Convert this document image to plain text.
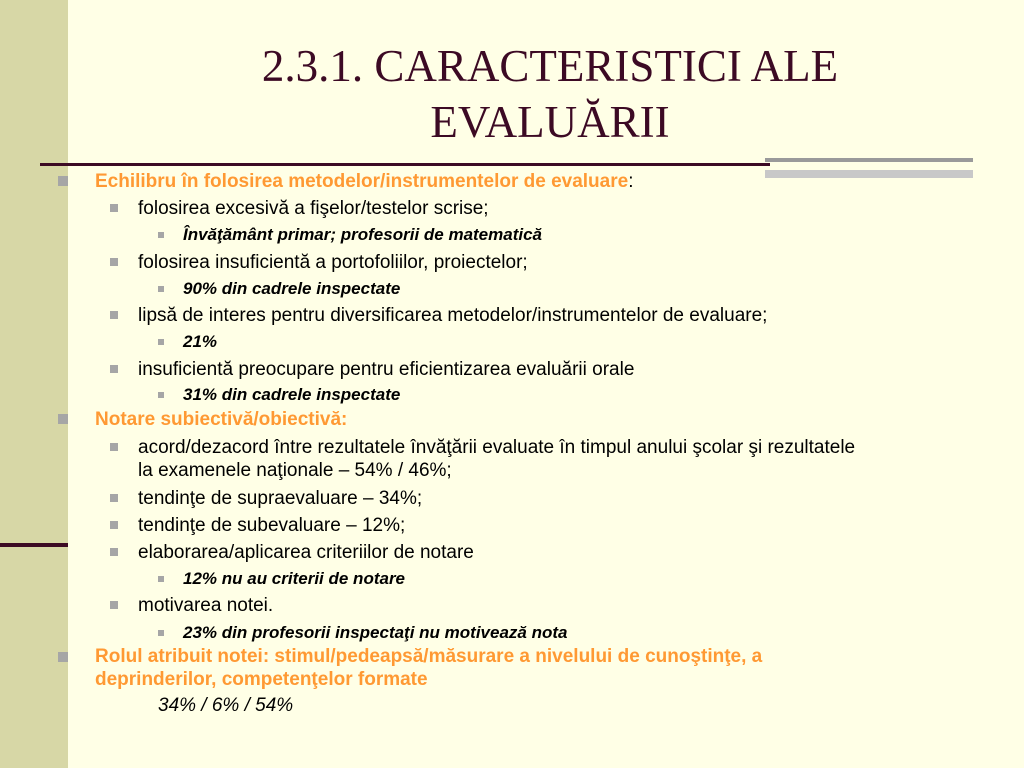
2.3.1. CARACTERISTICI ALE
EVALUĂRII
Echilibru în folosirea metodelor/instrumentelor de evaluare:
folosirea excesivă a fişelor/testelor scrise;
Învăţământ primar; profesorii de matematică
folosirea insuficientă a portofoliilor, proiectelor;
90% din cadrele inspectate
lipsă de interes pentru diversificarea metodelor/instrumentelor de evaluare;
21%
insuficientă preocupare pentru eficientizarea evaluării orale
31% din cadrele inspectate
Notare subiectivă/obiectivă:
acord/dezacord între rezultatele învăţării evaluate în timpul anului şcolar şi rezultatele
la examenele naţionale – 54% / 46%;
tendinţe de supraevaluare – 34%;
tendinţe de subevaluare – 12%;
elaborarea/aplicarea criteriilor de notare
12% nu au criterii de notare
motivarea notei.
23% din profesorii inspectaţi nu motivează nota
Rolul atribuit notei: stimul/pedeapsă/măsurare a nivelului de cunoştinţe, a
deprinderilor, competenţelor formate
34% / 6% / 54%
